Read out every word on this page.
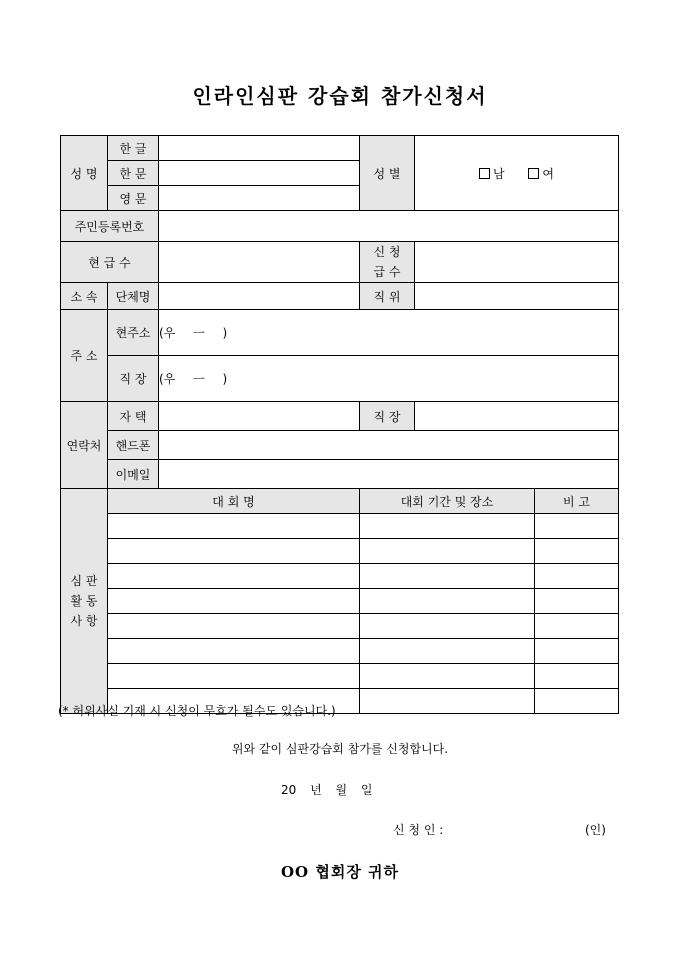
인라인심판 강습회 참가신청서
성 명	한 글		성 별	남 여	
	한 문				
	영 문				
주민등록번호					
현 급 수			신 청 급 수		
소 속	단체명		직 위		
주 소	현주소	(우 ㅡ )			
	직 장	(우 ㅡ )			
연락처	자 택		직 장		
	핸드폰				
	이메일				
심 판 활 동 사 항	대 회 명		대회 기간 및 장소		비 고

(* 허위사실 기재 시 신청이 무효가 될수도 있습니다.)
위와 같이 심판강습회 참가를 신청합니다.
20 년 월 일
신 청 인 :	(인)
OO 협회장 귀하
